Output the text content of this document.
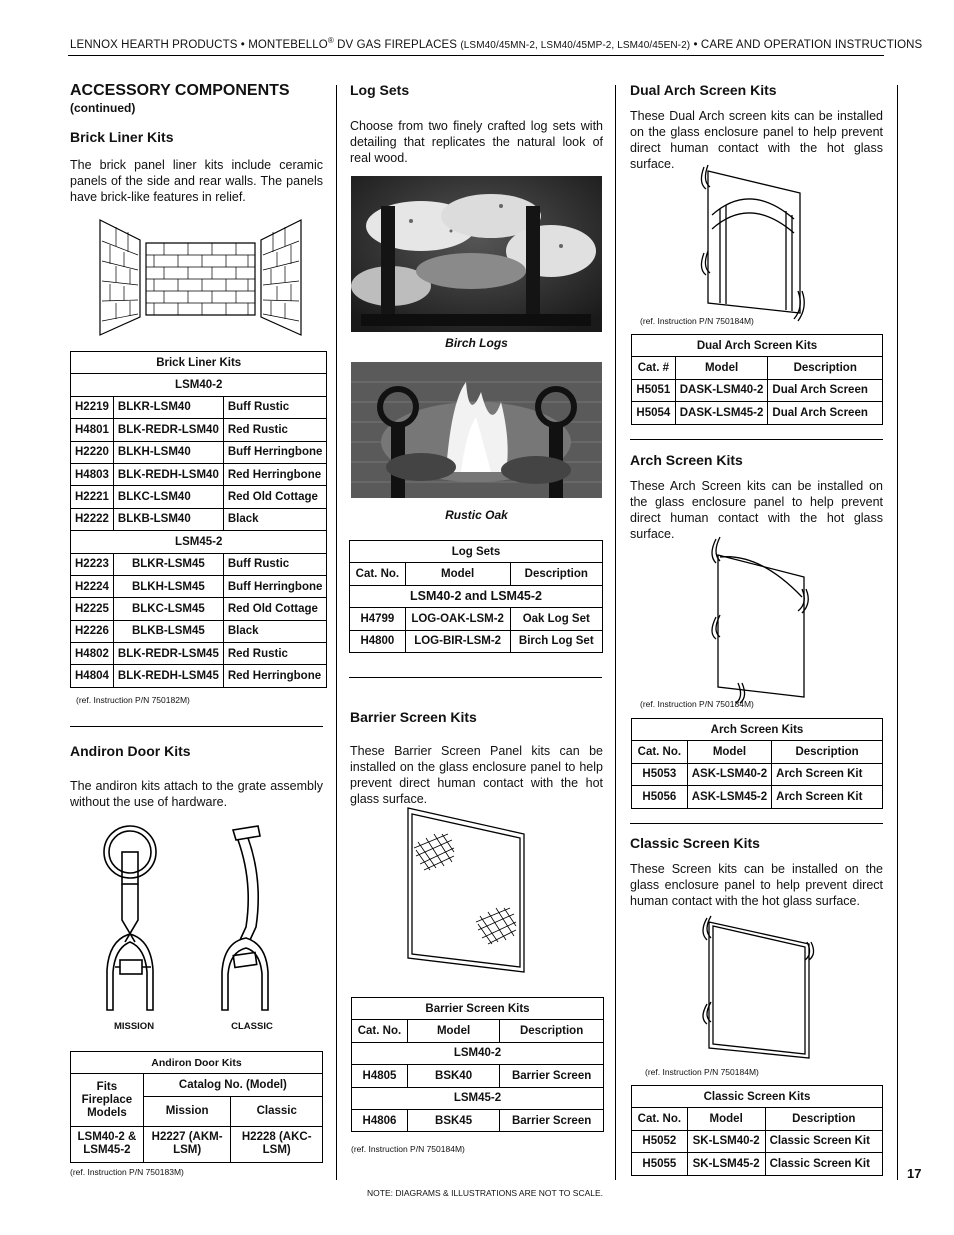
LENNOX HEARTH PRODUCTS • MONTEBELLO® DV GAS FIREPLACES (LSM40/45MN-2, LSM40/45MP-2, LSM40/45EN-2) • CARE AND OPERATION INSTRUCTIONS
ACCESSORY COMPONENTS
(continued)
Brick Liner Kits
The brick panel liner kits include ceramic panels of the side and rear walls. The panels have brick-like features in relief.
Brick Liner Kits		
LSM40-2		
H2219	BLKR-LSM40	Buff Rustic
H4801	BLK-REDR-LSM40	Red Rustic
H2220	BLKH-LSM40	Buff Herringbone
H4803	BLK-REDH-LSM40	Red Herringbone
H2221	BLKC-LSM40	Red Old Cottage
H2222	BLKB-LSM40	Black
LSM45-2		
H2223	BLKR-LSM45	Buff Rustic
H2224	BLKH-LSM45	Buff Herringbone
H2225	BLKC-LSM45	Red Old Cottage
H2226	BLKB-LSM45	Black
H4802	BLK-REDR-LSM45	Red Rustic
H4804	BLK-REDH-LSM45	Red Herringbone
(ref. Instruction P/N 750182M)
Andiron Door Kits
The andiron kits attach to the grate assembly without the use of hardware.
MISSION	CLASSIC
Andiron Door Kits		
Fits Fireplace Models	Catalog No. (Model)	
	Mission	Classic
LSM40-2 & LSM45-2	H2227 (AKM-LSM)	H2228 (AKC-LSM)
(ref. Instruction P/N 750183M)
Log Sets
Choose from two finely crafted log sets with detailing that replicates the natural look of real wood.
Birch Logs
Rustic Oak
Log Sets		
Cat. No.	Model	Description
LSM40-2 and LSM45-2		
H4799	LOG-OAK-LSM-2	Oak Log Set
H4800	LOG-BIR-LSM-2	Birch Log Set
Barrier Screen Kits
These Barrier Screen Panel kits can be installed on the glass enclosure panel to help prevent direct human contact with the hot glass surface.
Barrier Screen Kits		
Cat. No.	Model	Description
LSM40-2		
H4805	BSK40	Barrier Screen
LSM45-2		
H4806	BSK45	Barrier Screen
(ref. Instruction P/N 750184M)
NOTE: DIAGRAMS & ILLUSTRATIONS ARE NOT TO SCALE.
Dual Arch Screen Kits
These Dual Arch screen kits can be installed on the glass enclosure panel to help prevent direct human contact with the hot glass surface.
(ref. Instruction P/N 750184M)
Dual Arch Screen Kits		
Cat. #	Model	Description
H5051	DASK-LSM40-2	Dual Arch Screen
H5054	DASK-LSM45-2	Dual Arch Screen
Arch Screen Kits
These Arch Screen kits can be installed on the glass enclosure panel to help prevent direct human contact with the hot glass surface.
(ref. Instruction P/N 750184M)
Arch Screen Kits		
Cat. No.	Model	Description
H5053	ASK-LSM40-2	Arch Screen Kit
H5056	ASK-LSM45-2	Arch Screen Kit
Classic Screen Kits
These Screen kits can be installed on the glass enclosure panel to help prevent direct human contact with the hot glass surface.
(ref. Instruction P/N 750184M)
Classic Screen Kits		
Cat. No.	Model	Description
H5052	SK-LSM40-2	Classic Screen Kit
H5055	SK-LSM45-2	Classic Screen Kit
17
